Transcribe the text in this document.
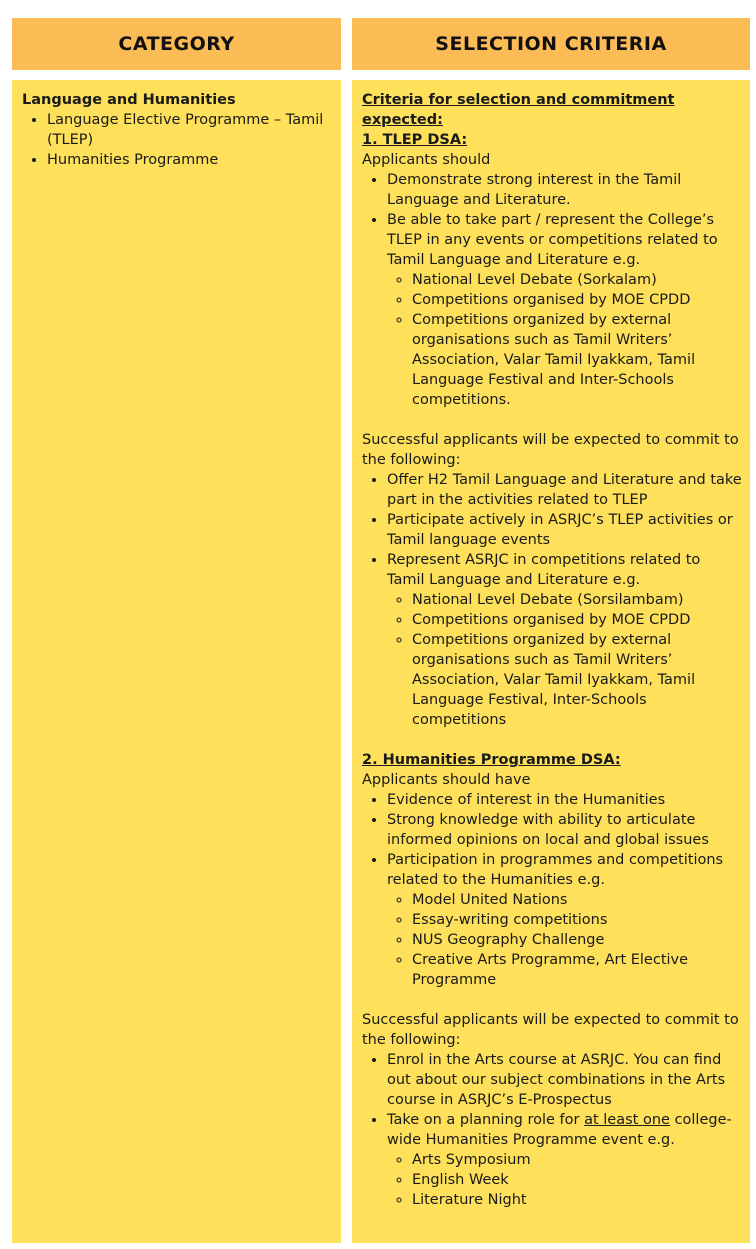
CATEGORY	SELECTION CRITERIA
Language and Humanities
• Language Elective Programme – Tamil (TLEP)
• Humanities Programme
Criteria for selection and commitment expected:
1. TLEP DSA:

Applicants should

• Demonstrate strong interest in the Tamil Language and Literature.
• Be able to take part / represent the College’s TLEP in any events or competitions related to Tamil Language and Literature e.g.
◦ National Level Debate (Sorkalam)
◦ Competitions organised by MOE CPDD
◦ Competitions organized by external organisations such as Tamil Writers’ Association, Valar Tamil Iyakkam, Tamil Language Festival and Inter-Schools competitions.

Successful applicants will be expected to commit to the following:

• Offer H2 Tamil Language and Literature and take part in the activities related to TLEP
• Participate actively in ASRJC’s TLEP activities or Tamil language events
• Represent ASRJC in competitions related to Tamil Language and Literature e.g.
◦ National Level Debate (Sorsilambam)
◦ Competitions organised by MOE CPDD
◦ Competitions organized by external organisations such as Tamil Writers’ Association, Valar Tamil Iyakkam, Tamil Language Festival, Inter-Schools competitions
2. Humanities Programme DSA:

Applicants should have

• Evidence of interest in the Humanities
• Strong knowledge with ability to articulate informed opinions on local and global issues
• Participation in programmes and competitions related to the Humanities e.g.
◦ Model United Nations
◦ Essay-writing competitions
◦ NUS Geography Challenge
◦ Creative Arts Programme, Art Elective Programme

Successful applicants will be expected to commit to the following:

• Enrol in the Arts course at ASRJC. You can find out about our subject combinations in the Arts course in ASRJC’s E-Prospectus
• Take on a planning role for at least one college-wide Humanities Programme event e.g.
◦ Arts Symposium
◦ English Week
◦ Literature Night
